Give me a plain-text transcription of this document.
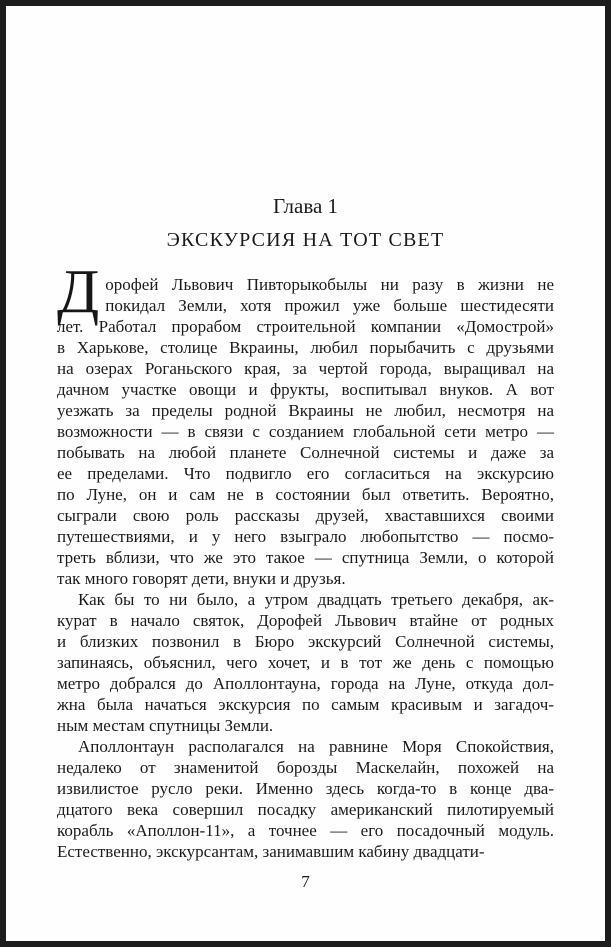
Глава 1
ЭКСКУРСИЯ НА ТОТ СВЕТ
Д орофей Львович Пивторыкобылы ни разу в жизни не
покидал Земли, хотя прожил уже больше шестидесяти
лет. Работал прорабом строительной компании «Домострой»
в Харькове, столице Вкраины, любил порыбачить с друзьями
на озерах Роганьского края, за чертой города, выращивал на
дачном участке овощи и фрукты, воспитывал внуков. А вот
уезжать за пределы родной Вкраины не любил, несмотря на
возможности — в связи с созданием глобальной сети метро —
побывать на любой планете Солнечной системы и даже за
ее пределами. Что подвигло его согласиться на экскурсию
по Луне, он и сам не в состоянии был ответить. Вероятно,
сыграли свою роль рассказы друзей, хваставшихся своими
путешествиями, и у него взыграло любопытство — посмо-
треть вблизи, что же это такое — спутница Земли, о которой
так много говорят дети, внуки и друзья.
Как бы то ни было, а утром двадцать третьего декабря, ак-
курат в начало святок, Дорофей Львович втайне от родных
и близких позвонил в Бюро экскурсий Солнечной системы,
запинаясь, объяснил, чего хочет, и в тот же день с помощью
метро добрался до Аполлонтауна, города на Луне, откуда дол-
жна была начаться экскурсия по самым красивым и загадоч-
ным местам спутницы Земли.
Аполлонтаун располагался на равнине Моря Спокойствия,
недалеко от знаменитой борозды Маскелайн, похожей на
извилистое русло реки. Именно здесь когда-то в конце два-
дцатого века совершил посадку американский пилотируемый
корабль «Аполлон-11», а точнее — его посадочный модуль.
Естественно, экскурсантам, занимавшим кабину двадцати-
7
